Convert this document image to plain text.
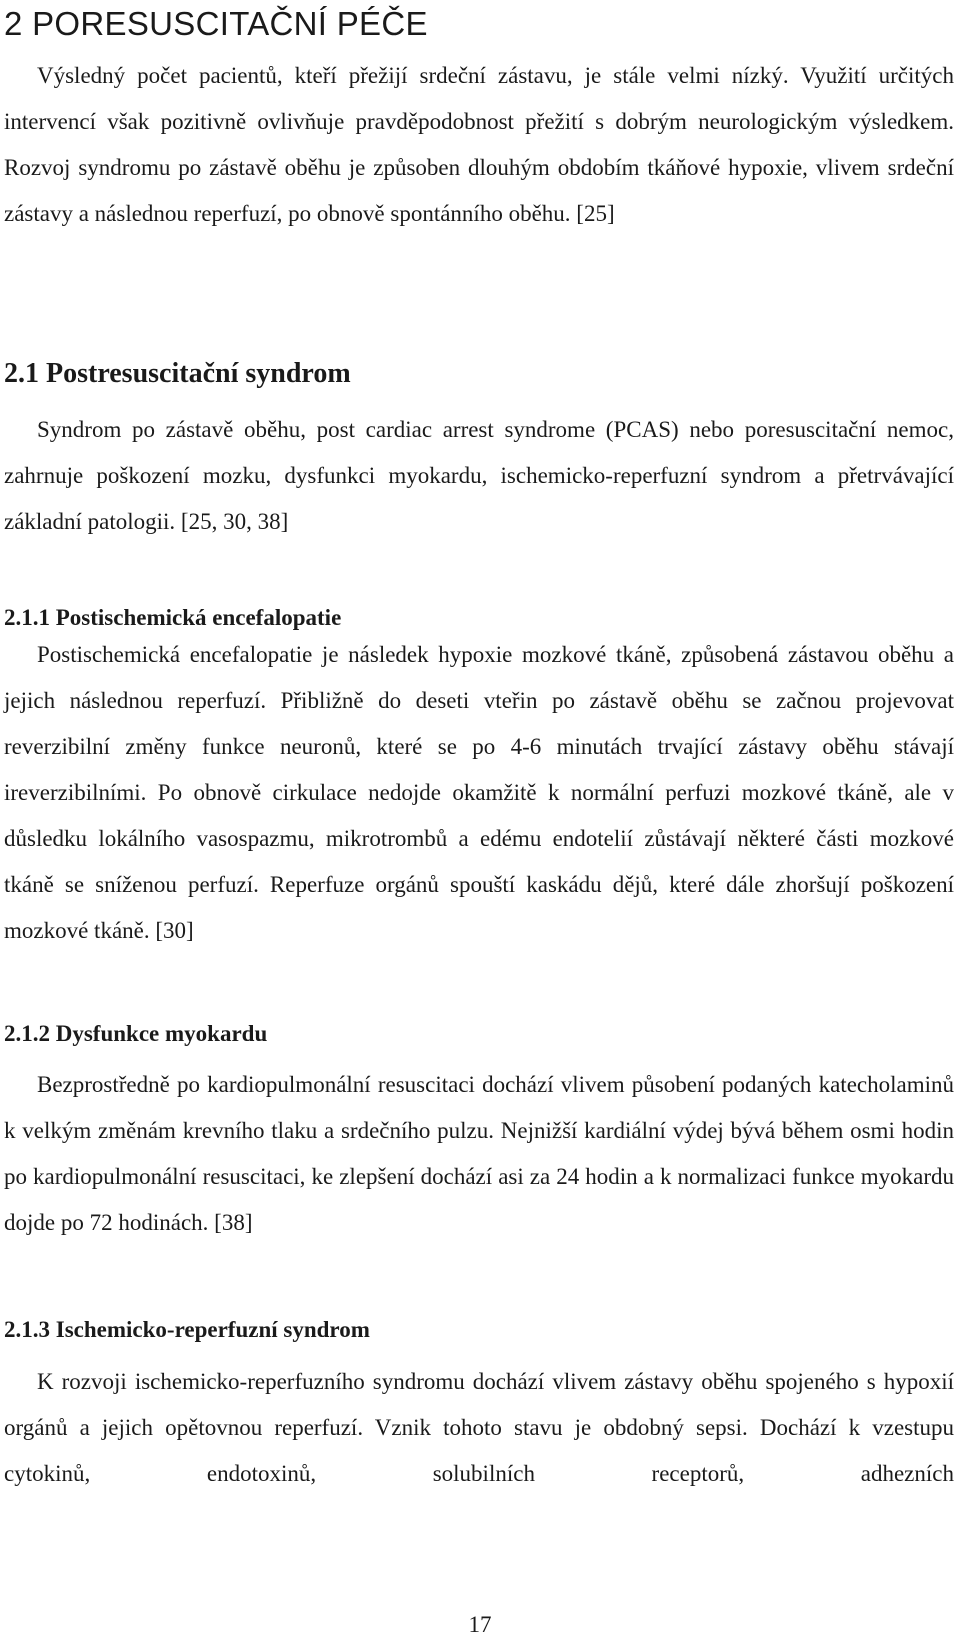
2 PORESUSCITAČNÍ PÉČE

Výsledný počet pacientů, kteří přežijí srdeční zástavu, je stále velmi nízký. Využití určitých intervencí však pozitivně ovlivňuje pravděpodobnost přežití s dobrým neurologickým výsledkem. Rozvoj syndromu po zástavě oběhu je způsoben dlouhým obdobím tkáňové hypoxie, vlivem srdeční zástavy a následnou reperfuzí, po obnově spontánního oběhu. [25]

2.1 Postresuscitační syndrom

Syndrom po zástavě oběhu, post cardiac arrest syndrome (PCAS) nebo poresuscitační nemoc, zahrnuje poškození mozku, dysfunkci myokardu, ischemicko-reperfuzní syndrom a přetrvávající základní patologii. [25, 30, 38]

2.1.1 Postischemická encefalopatie

Postischemická encefalopatie je následek hypoxie mozkové tkáně, způsobená zástavou oběhu a jejich následnou reperfuzí. Přibližně do deseti vteřin po zástavě oběhu se začnou projevovat reverzibilní změny funkce neuronů, které se po 4-6 minutách trvající zástavy oběhu stávají ireverzibilními. Po obnově cirkulace nedojde okamžitě k normální perfuzi mozkové tkáně, ale v důsledku lokálního vasospazmu, mikrotrombů a edému endotelií zůstávají některé části mozkové tkáně se sníženou perfuzí. Reperfuze orgánů spouští kaskádu dějů, které dále zhoršují poškození mozkové tkáně. [30]

2.1.2 Dysfunkce myokardu

Bezprostředně po kardiopulmonální resuscitaci dochází vlivem působení podaných katecholaminů k velkým změnám krevního tlaku a srdečního pulzu. Nejnižší kardiální výdej bývá během osmi hodin po kardiopulmonální resuscitaci, ke zlepšení dochází asi za 24 hodin a k normalizaci funkce myokardu dojde po 72 hodinách. [38]

2.1.3 Ischemicko-reperfuzní syndrom

K rozvoji ischemicko-reperfuzního syndromu dochází vlivem zástavy oběhu spojeného s hypoxií orgánů a jejich opětovnou reperfuzí. Vznik tohoto stavu je obdobný sepsi. Dochází k vzestupu cytokinů, endotoxinů, solubilních receptorů, adhezních

17
